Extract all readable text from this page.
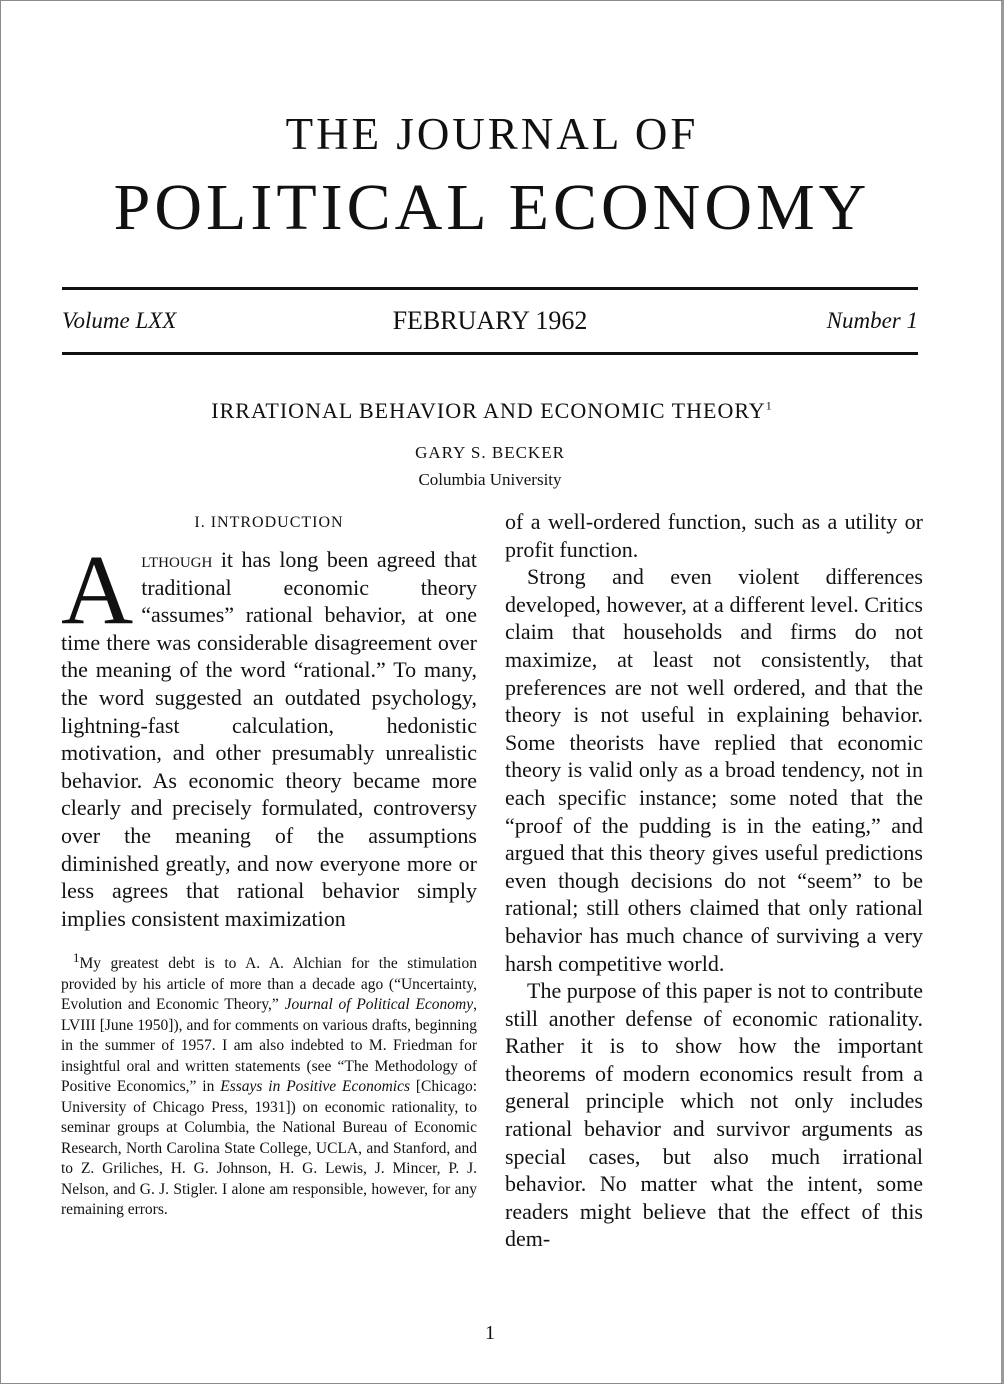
THE JOURNAL OF
POLITICAL ECONOMY
Volume LXX	FEBRUARY 1962	Number 1
IRRATIONAL BEHAVIOR AND ECONOMIC THEORY$^1$
GARY S. BECKER
Columbia University
I. INTRODUCTION

Although it has long been agreed that traditional economic theory “assumes” rational behavior, at one time there was considerable disagreement over the meaning of the word “rational.” To many, the word suggested an outdated psychology, lightning-fast calculation, hedonistic motivation, and other presumably unrealistic behavior. As economic theory became more clearly and precisely formulated, controversy over the meaning of the assumptions diminished greatly, and now everyone more or less agrees that rational behavior simply implies consistent maximization

$^1$My greatest debt is to A. A. Alchian for the stimulation provided by his article of more than a decade ago (“Uncertainty, Evolution and Economic Theory,” Journal of Political Economy, LVIII [June 1950]), and for comments on various drafts, beginning in the summer of 1957. I am also indebted to M. Friedman for insightful oral and written statements (see “The Methodology of Positive Economics,” in Essays in Positive Economics [Chicago: University of Chicago Press, 1931]) on economic rationality, to seminar groups at Columbia, the National Bureau of Economic Research, North Carolina State College, UCLA, and Stanford, and to Z. Griliches, H. G. Johnson, H. G. Lewis, J. Mincer, P. J. Nelson, and G. J. Stigler. I alone am responsible, however, for any remaining errors.

of a well-ordered function, such as a utility or profit function.

Strong and even violent differences developed, however, at a different level. Critics claim that households and firms do not maximize, at least not consistently, that preferences are not well ordered, and that the theory is not useful in explaining behavior. Some theorists have replied that economic theory is valid only as a broad tendency, not in each specific instance; some noted that the “proof of the pudding is in the eating,” and argued that this theory gives useful predictions even though decisions do not “seem” to be rational; still others claimed that only rational behavior has much chance of surviving a very harsh competitive world.

The purpose of this paper is not to contribute still another defense of economic rationality. Rather it is to show how the important theorems of modern economics result from a general principle which not only includes rational behavior and survivor arguments as special cases, but also much irrational behavior. No matter what the intent, some readers might believe that the effect of this dem-

1
